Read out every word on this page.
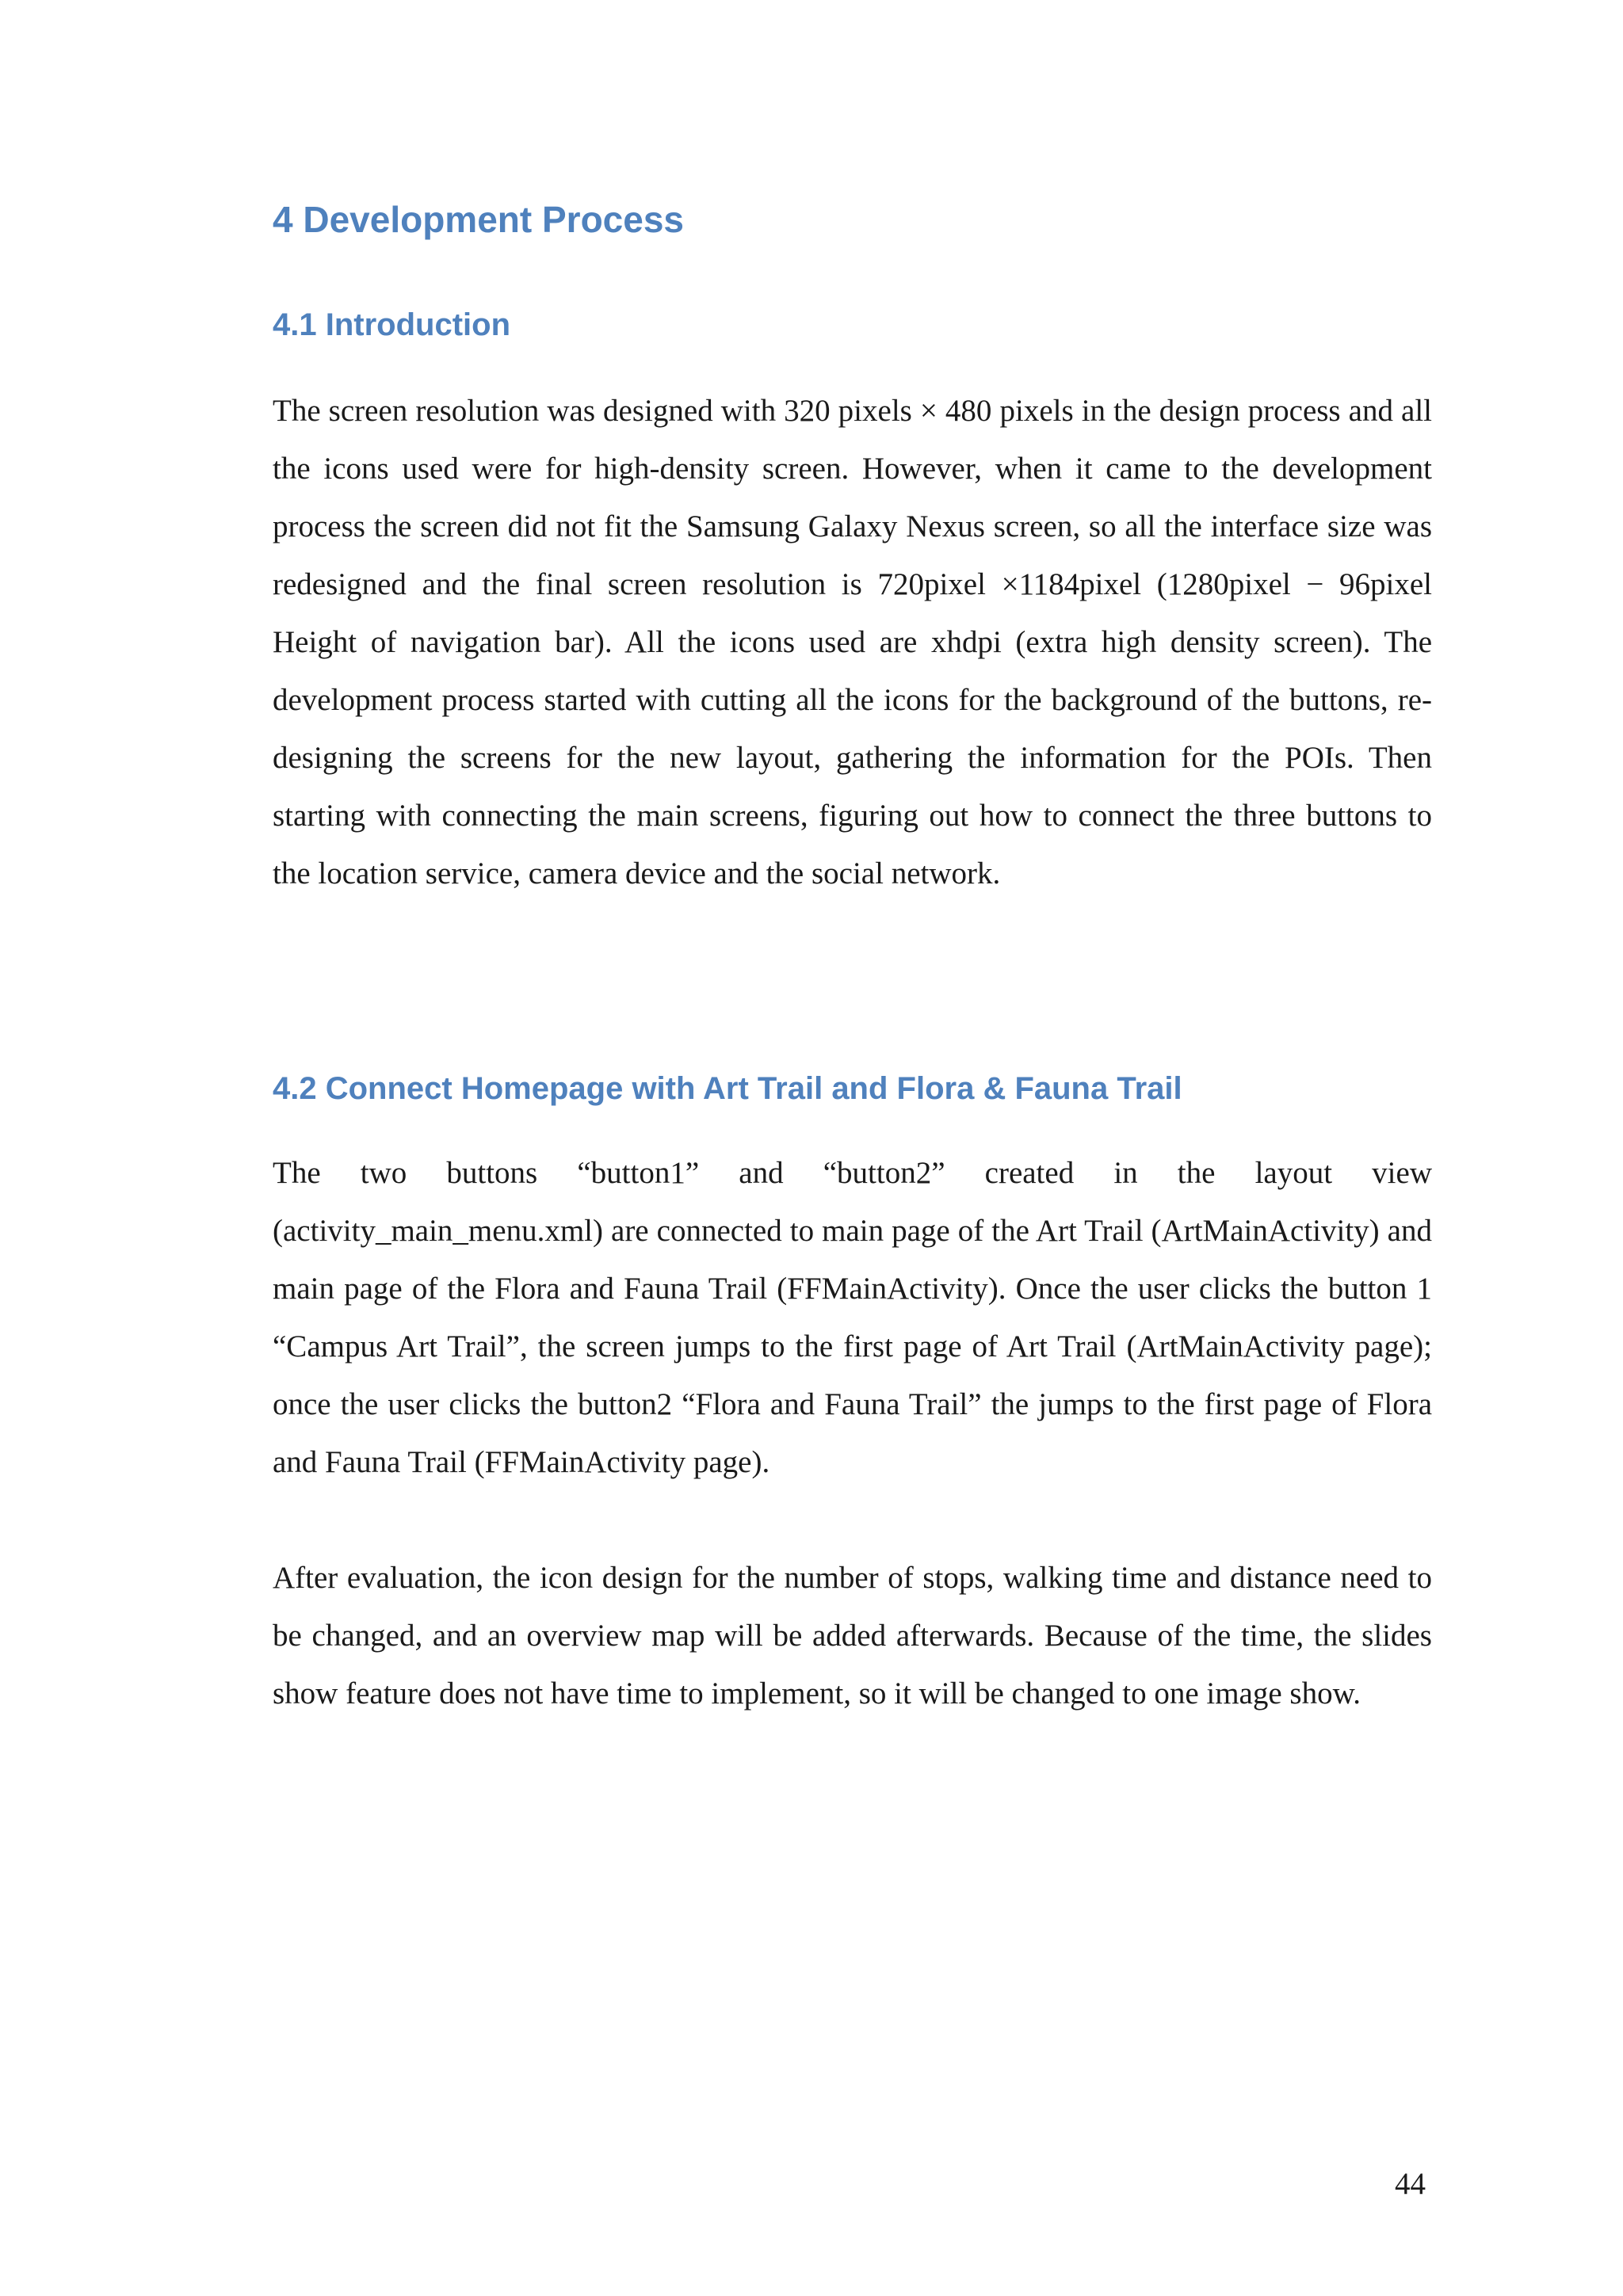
4 Development Process
4.1 Introduction

The screen resolution was designed with 320 pixels × 480 pixels in the design process and all the icons used were for high-density screen. However, when it came to the development process the screen did not fit the Samsung Galaxy Nexus screen, so all the interface size was redesigned and the final screen resolution is 720pixel ×1184pixel (1280pixel − 96pixel Height of navigation bar). All the icons used are xhdpi (extra high density screen). The development process started with cutting all the icons for the background of the buttons, re-designing the screens for the new layout, gathering the information for the POIs. Then starting with connecting the main screens, figuring out how to connect the three buttons to the location service, camera device and the social network.

4.2 Connect Homepage with Art Trail and Flora & Fauna Trail

The two buttons “button1” and “button2” created in the layout view (activity_main_menu.xml) are connected to main page of the Art Trail (ArtMainActivity) and main page of the Flora and Fauna Trail (FFMainActivity). Once the user clicks the button 1 “Campus Art Trail”, the screen jumps to the first page of Art Trail (ArtMainActivity page); once the user clicks the button2 “Flora and Fauna Trail” the jumps to the first page of Flora and Fauna Trail (FFMainActivity page).

After evaluation, the icon design for the number of stops, walking time and distance need to be changed, and an overview map will be added afterwards. Because of the time, the slides show feature does not have time to implement, so it will be changed to one image show.

44
